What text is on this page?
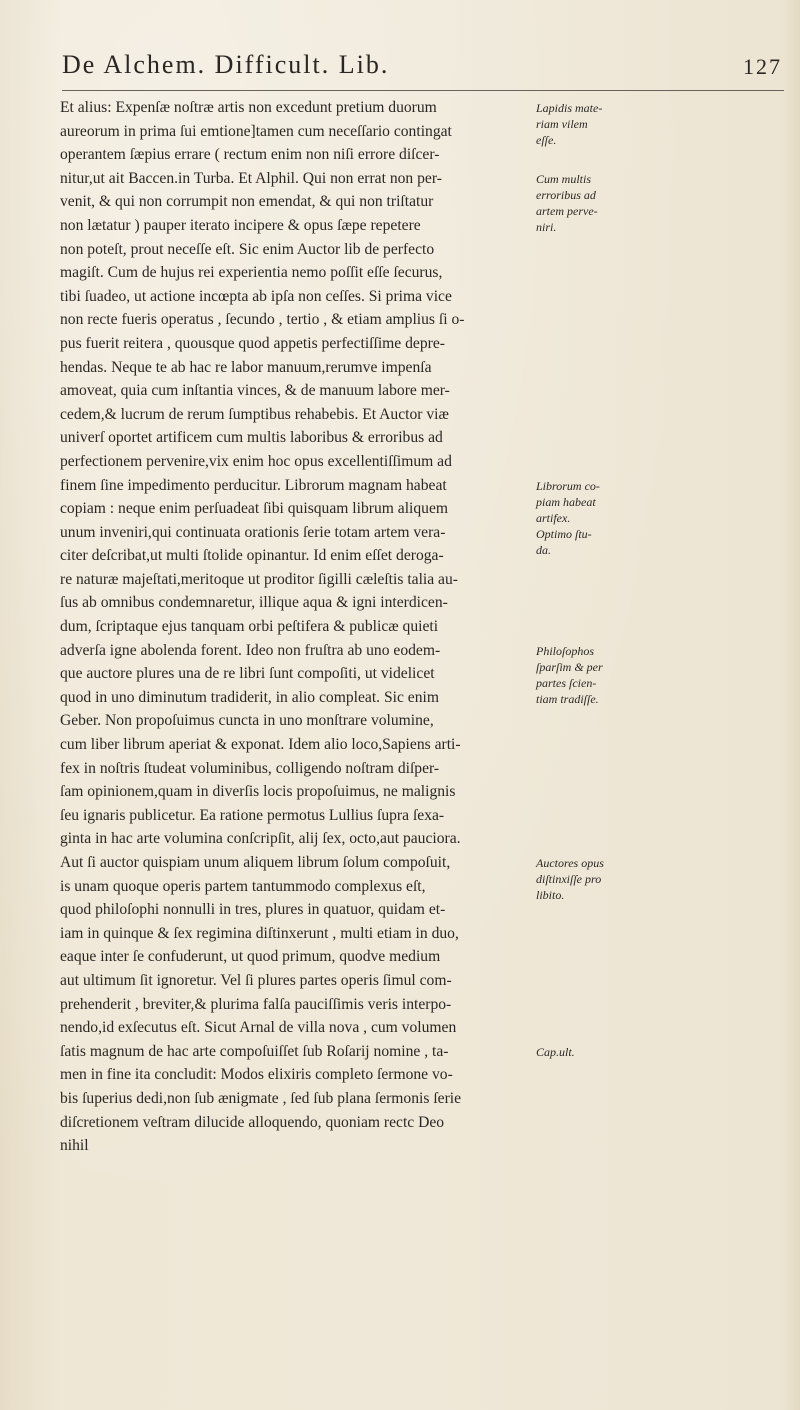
De Alchem. Difficult. Lib.	127
Et alius: Expenſæ noſtræ artis non excedunt pretium duorum
aureorum in prima ſui emtione]tamen cum neceſſario contingat
operantem ſæpius errare ( rectum enim non niſi errore diſcer-
nitur,ut ait Baccen.in Turba. Et Alphil. Qui non errat non per-
venit, & qui non corrumpit non emendat, & qui non triſtatur
non lætatur ) pauper iterato incipere & opus ſæpe repetere
non poteſt, prout neceſſe eſt. Sic enim Auctor lib de perfecto
magiſt. Cum de hujus rei experientia nemo poſſit eſſe ſecurus,
tibi ſuadeo, ut actione incœpta ab ipſa non ceſſes. Si prima vice
non recte fueris operatus , ſecundo , tertio , & etiam amplius ſi o-
pus fuerit reitera , quousque quod appetis perfectiſſime depre-
hendas. Neque te ab hac re labor manuum,rerumve impenſa
amoveat, quia cum inſtantia vinces, & de manuum labore mer-
cedem,& lucrum de rerum ſumptibus rehabebis. Et Auctor viæ
univerſ oportet artificem cum multis laboribus & erroribus ad
perfectionem pervenire,vix enim hoc opus excellentiſſimum ad
finem ſine impedimento perducitur. Librorum magnam habeat
copiam : neque enim perſuadeat ſibi quisquam librum aliquem
unum inveniri,qui continuata orationis ſerie totam artem vera-
citer deſcribat,ut multi ſtolide opinantur. Id enim eſſet deroga-
re naturæ majeſtati,meritoque ut proditor ſigilli cæleſtis talia au-
ſus ab omnibus condemnaretur, illique aqua & igni interdicen-
dum, ſcriptaque ejus tanquam orbi peſtifera & publicæ quieti
adverſa igne abolenda forent. Ideo non fruſtra ab uno eodem-
que auctore plures una de re libri ſunt compoſiti, ut videlicet
quod in uno diminutum tradiderit, in alio compleat. Sic enim
Geber. Non propoſuimus cuncta in uno monſtrare volumine,
cum liber librum aperiat & exponat. Idem alio loco,Sapiens arti-
fex in noſtris ſtudeat voluminibus, colligendo noſtram diſper-
ſam opinionem,quam in diverſis locis propoſuimus, ne malignis
ſeu ignaris publicetur. Ea ratione permotus Lullius ſupra ſexa-
ginta in hac arte volumina conſcripſit, alij ſex, octo,aut pauciora.
Aut ſi auctor quispiam unum aliquem librum ſolum compoſuit,
is unam quoque operis partem tantummodo complexus eſt,
quod philoſophi nonnulli in tres, plures in quatuor, quidam et-
iam in quinque & ſex regimina diſtinxerunt , multi etiam in duo,
eaque inter ſe confuderunt, ut quod primum, quodve medium
aut ultimum ſit ignoretur. Vel ſi plures partes operis ſimul com-
prehenderit , breviter,& plurima falſa pauciſſimis veris interpo-
nendo,id exſecutus eſt. Sicut Arnal de villa nova , cum volumen
ſatis magnum de hac arte compoſuiſſet ſub Roſarij nomine , ta-
men in fine ita concludit: Modos elixiris completo ſermone vo-
bis ſuperius dedi,non ſub ænigmate , ſed ſub plana ſermonis ſerie
diſcretionem veſtram dilucide alloquendo, quoniam rectc Deo
nihil
Lapidis mate-
riam vilem
eſſe.
Cum multis
erroribus ad
artem perve-
niri.
Librorum co-
piam habeat
artifex.
Optimo ſtu-
da.
Philoſophos
ſparſim & per
partes ſcien-
tiam tradiſſe.
Auctores opus
diſtinxiſſe pro
libito.
Cap.ult.
